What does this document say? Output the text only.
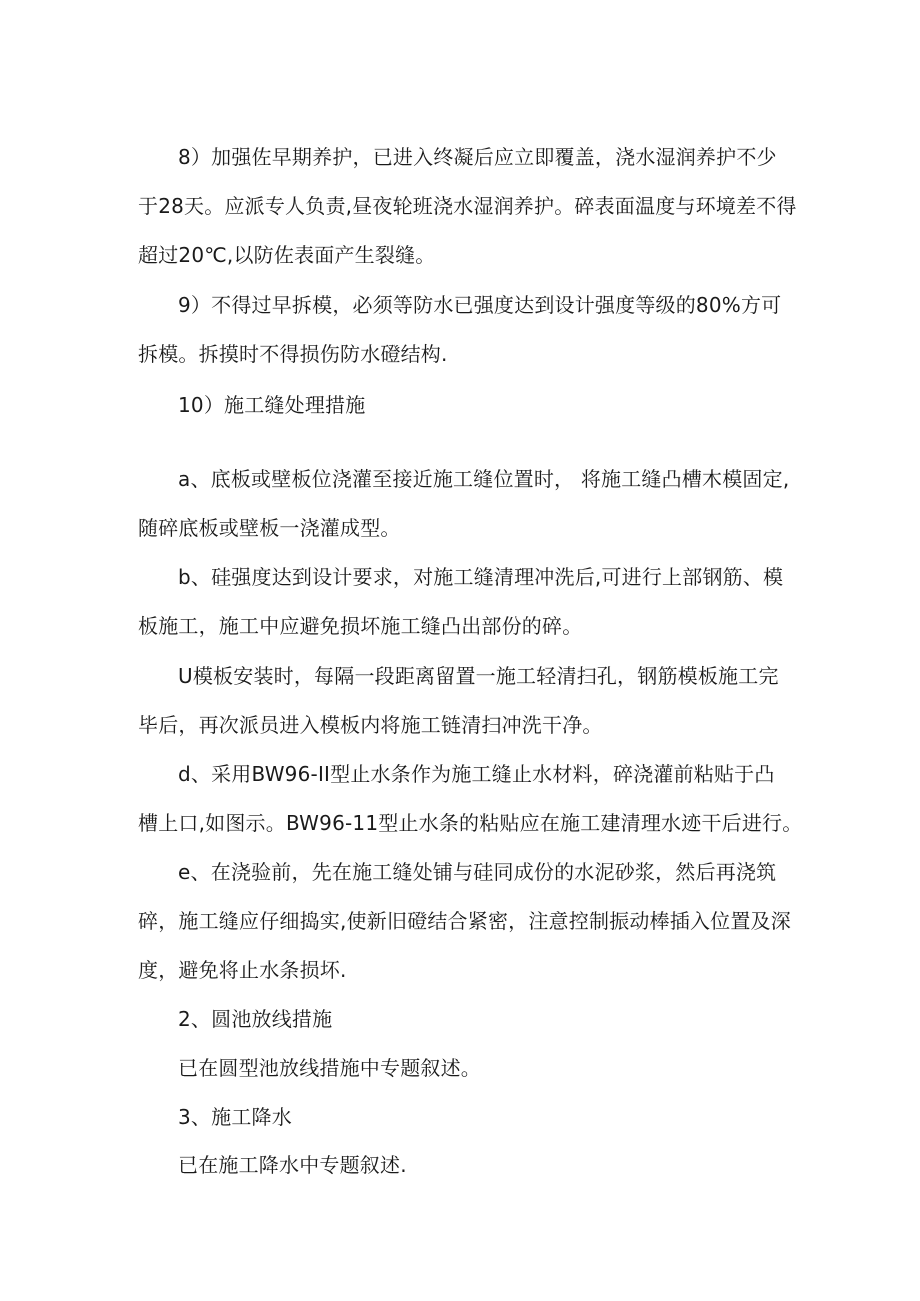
8）加强佐早期养护，已进入终凝后应立即覆盖，浇水湿润养护不少
于28天。应派专人负责,昼夜轮班浇水湿润养护。碎表面温度与环境差不得
超过20℃,以防佐表面产生裂缝。
9）不得过早拆模，必须等防水已强度达到设计强度等级的80%方可
拆模。拆摸时不得损伤防水磴结构.
10）施工缝处理措施
a、底板或壁板位浇灌至接近施工缝位置时， 将施工缝凸槽木模固定,
随碎底板或壁板一浇灌成型。
b、硅强度达到设计要求，对施工缝清理冲洗后,可进行上部钢筋、模
板施工，施工中应避免损坏施工缝凸出部份的碎。
U模板安装时，每隔一段距离留置一施工轻清扫孔，钢筋模板施工完
毕后，再次派员进入模板内将施工链清扫冲洗干净。
d、采用BW96-II型止水条作为施工缝止水材料，碎浇灌前粘贴于凸
槽上口,如图示。BW96-11型止水条的粘贴应在施工建清理水迹干后进行。
e、在浇验前，先在施工缝处铺与硅同成份的水泥砂浆，然后再浇筑
碎，施工缝应仔细捣实,使新旧磴结合紧密，注意控制振动棒插入位置及深
度，避免将止水条损坏.
2、圆池放线措施
已在圆型池放线措施中专题叙述。
3、施工降水
已在施工降水中专题叙述.
